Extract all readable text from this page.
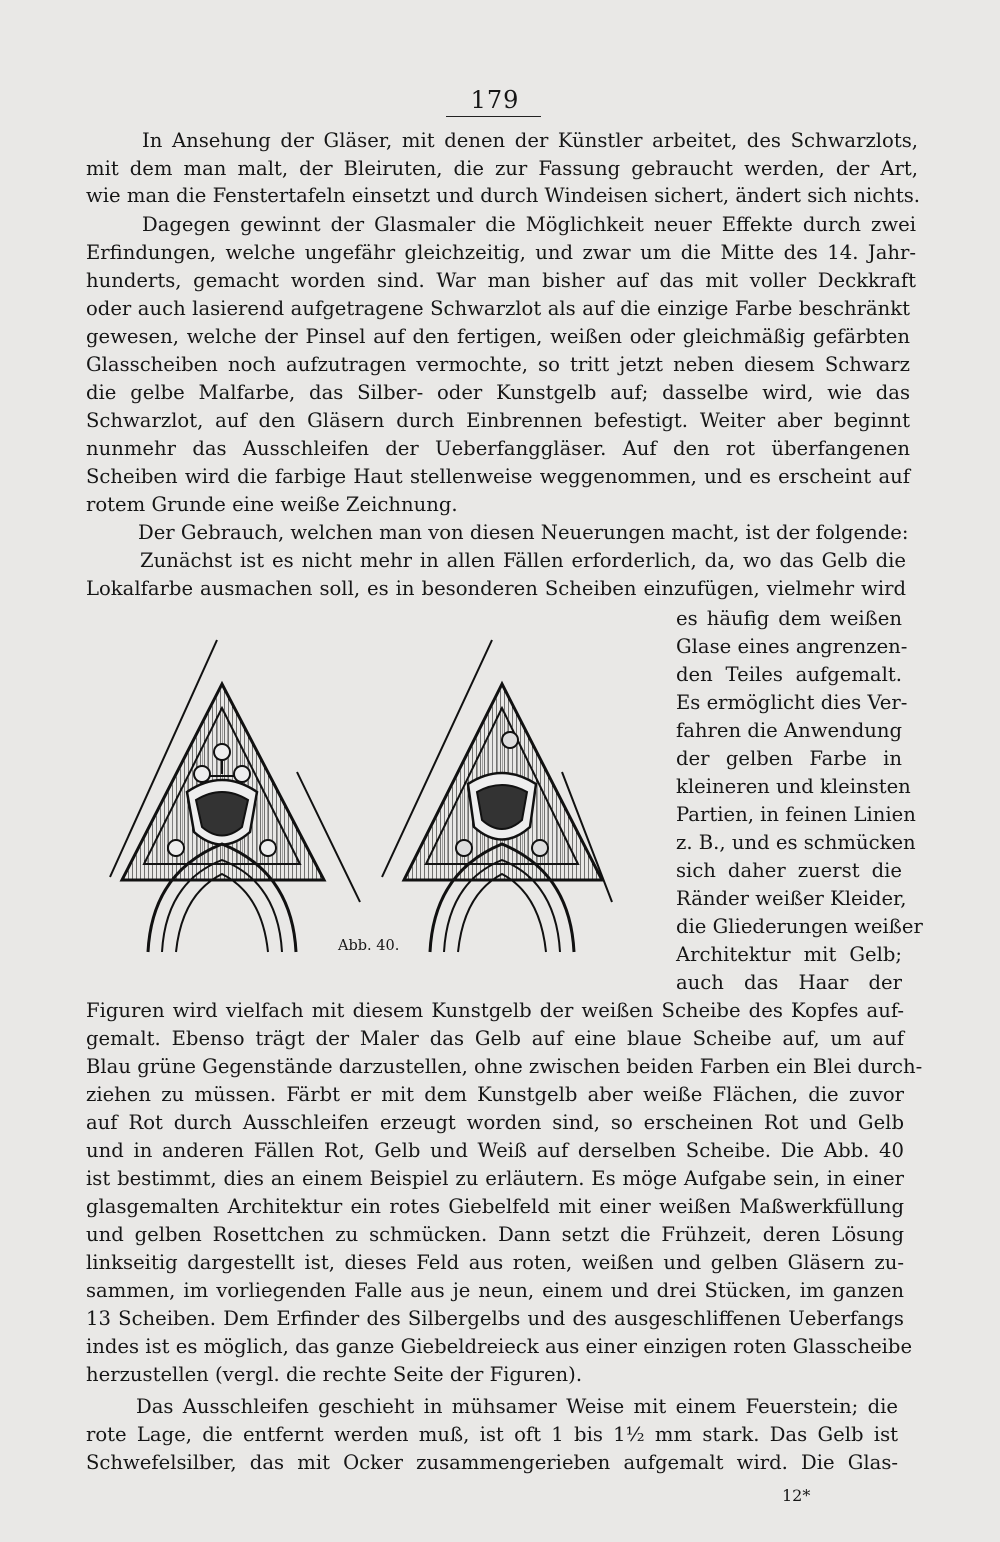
179

In Ansehung der Gläser, mit denen der Künstler arbeitet, des Schwarzlots,

mit dem man malt, der Bleiruten, die zur Fassung gebraucht werden, der Art,

wie man die Fenstertafeln einsetzt und durch Windeisen sichert, ändert sich nichts.

Dagegen gewinnt der Glasmaler die Möglichkeit neuer Effekte durch zwei

Erfindungen, welche ungefähr gleichzeitig, und zwar um die Mitte des 14. Jahr-

hunderts, gemacht worden sind. War man bisher auf das mit voller Deckkraft

oder auch lasierend aufgetragene Schwarzlot als auf die einzige Farbe beschränkt

gewesen, welche der Pinsel auf den fertigen, weißen oder gleichmäßig gefärbten

Glasscheiben noch aufzutragen vermochte, so tritt jetzt neben diesem Schwarz

die gelbe Malfarbe, das Silber- oder Kunstgelb auf; dasselbe wird, wie das

Schwarzlot, auf den Gläsern durch Einbrennen befestigt. Weiter aber beginnt

nunmehr das Ausschleifen der Ueberfanggläser. Auf den rot überfangenen

Scheiben wird die farbige Haut stellenweise weggenommen, und es erscheint auf

rotem Grunde eine weiße Zeichnung.

Der Gebrauch, welchen man von diesen Neuerungen macht, ist der folgende:

Zunächst ist es nicht mehr in allen Fällen erforderlich, da, wo das Gelb die

Lokalfarbe ausmachen soll, es in besonderen Scheiben einzufügen, vielmehr wird

es häufig dem weißen

Glase eines angrenzen-

den Teiles aufgemalt.

Es ermöglicht dies Ver-

fahren die Anwendung

der gelben Farbe in

kleineren und kleinsten

Partien, in feinen Linien

z. B., und es schmücken

sich daher zuerst die

Ränder weißer Kleider,

die Gliederungen weißer

Architektur mit Gelb;

auch das Haar der

Abb. 40.

Figuren wird vielfach mit diesem Kunstgelb der weißen Scheibe des Kopfes auf-

gemalt. Ebenso trägt der Maler das Gelb auf eine blaue Scheibe auf, um auf

Blau grüne Gegenstände darzustellen, ohne zwischen beiden Farben ein Blei durch-

ziehen zu müssen. Färbt er mit dem Kunstgelb aber weiße Flächen, die zuvor

auf Rot durch Ausschleifen erzeugt worden sind, so erscheinen Rot und Gelb

und in anderen Fällen Rot, Gelb und Weiß auf derselben Scheibe. Die Abb. 40

ist bestimmt, dies an einem Beispiel zu erläutern. Es möge Aufgabe sein, in einer

glasgemalten Architektur ein rotes Giebelfeld mit einer weißen Maßwerkfüllung

und gelben Rosettchen zu schmücken. Dann setzt die Frühzeit, deren Lösung

linkseitig dargestellt ist, dieses Feld aus roten, weißen und gelben Gläsern zu-

sammen, im vorliegenden Falle aus je neun, einem und drei Stücken, im ganzen

13 Scheiben. Dem Erfinder des Silbergelbs und des ausgeschliffenen Ueberfangs

indes ist es möglich, das ganze Giebeldreieck aus einer einzigen roten Glasscheibe

herzustellen (vergl. die rechte Seite der Figuren).

Das Ausschleifen geschieht in mühsamer Weise mit einem Feuerstein; die

rote Lage, die entfernt werden muß, ist oft 1 bis 1½ mm stark. Das Gelb ist

Schwefelsilber, das mit Ocker zusammengerieben aufgemalt wird. Die Glas-

12*
